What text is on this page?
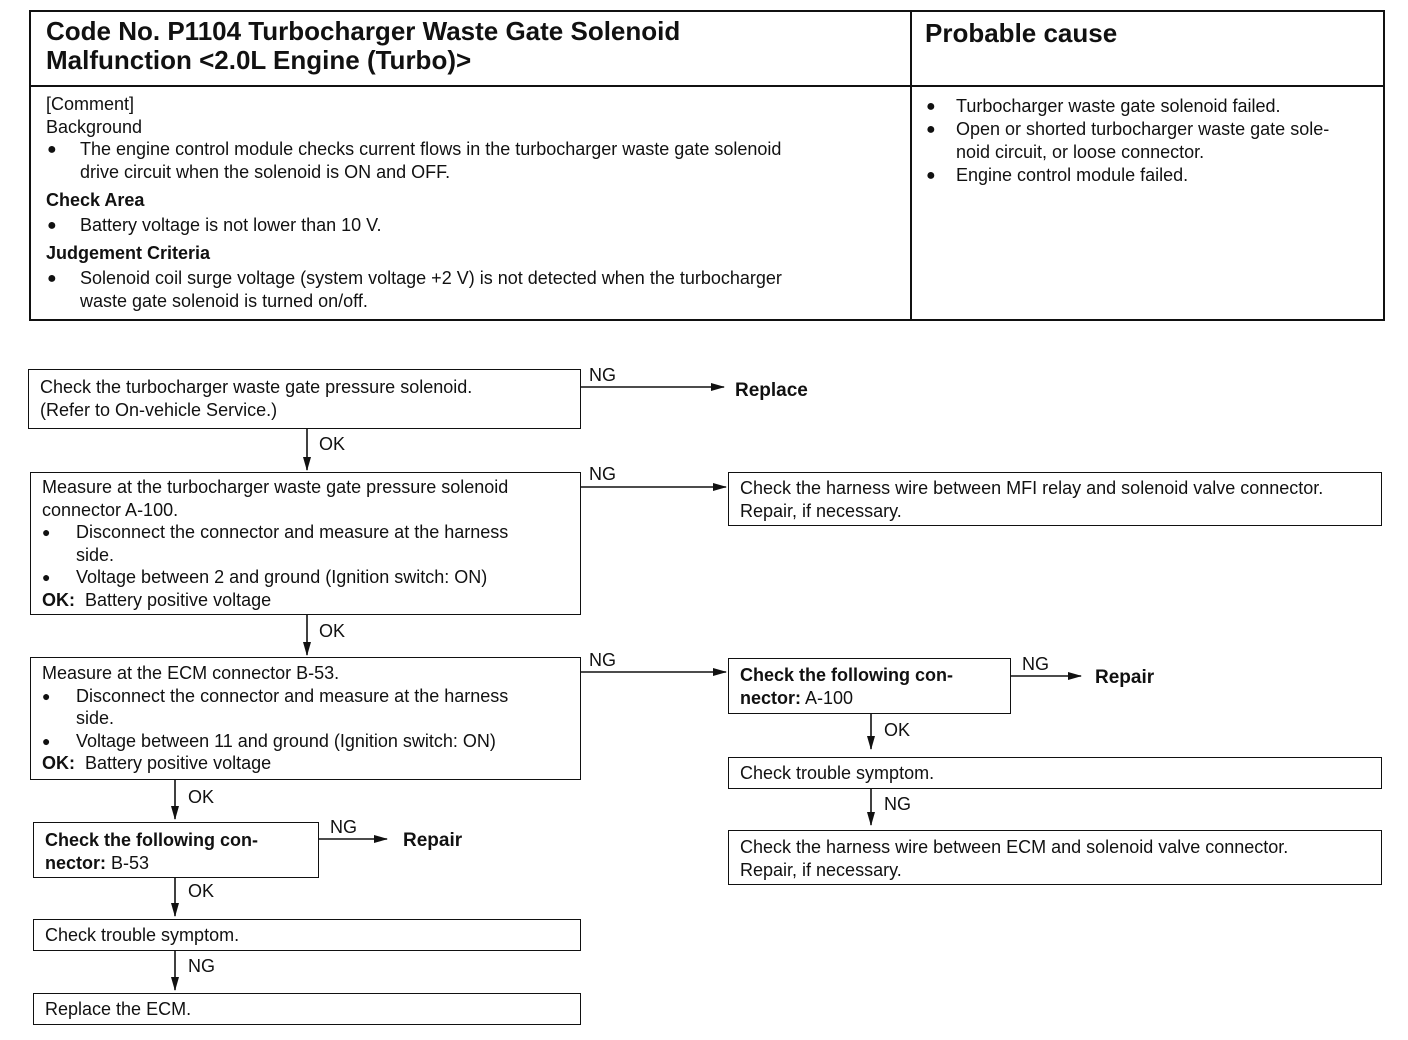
Code No. P1104 Turbocharger Waste Gate Solenoid
Malfunction <2.0L Engine (Turbo)>
Probable cause
[Comment]
Background
● The engine control module checks current flows in the turbocharger waste gate solenoid
drive circuit when the solenoid is ON and OFF.
Check Area
● Battery voltage is not lower than 10 V.
Judgement Criteria
● Solenoid coil surge voltage (system voltage +2 V) is not detected when the turbocharger
waste gate solenoid is turned on/off.
● Turbocharger waste gate solenoid failed.
● Open or shorted turbocharger waste gate sole-
noid circuit, or loose connector.
● Engine control module failed.
Check the turbocharger waste gate pressure solenoid.
(Refer to On-vehicle Service.)
NG
Replace
OK
Measure at the turbocharger waste gate pressure solenoid
connector A-100.
● Disconnect the connector and measure at the harness
side.
● Voltage between 2 and ground (Ignition switch: ON)
OK: Battery positive voltage
NG
Check the harness wire between MFI relay and solenoid valve connector.
Repair, if necessary.
OK
Measure at the ECM connector B-53.
● Disconnect the connector and measure at the harness
side.
● Voltage between 11 and ground (Ignition switch: ON)
OK: Battery positive voltage
NG
Check the following con-
nector: A-100
NG
Repair
OK
Check trouble symptom.
NG
Check the harness wire between ECM and solenoid valve connector.
Repair, if necessary.
OK
Check the following con-
nector: B-53
NG
Repair
OK
Check trouble symptom.
NG
Replace the ECM.
